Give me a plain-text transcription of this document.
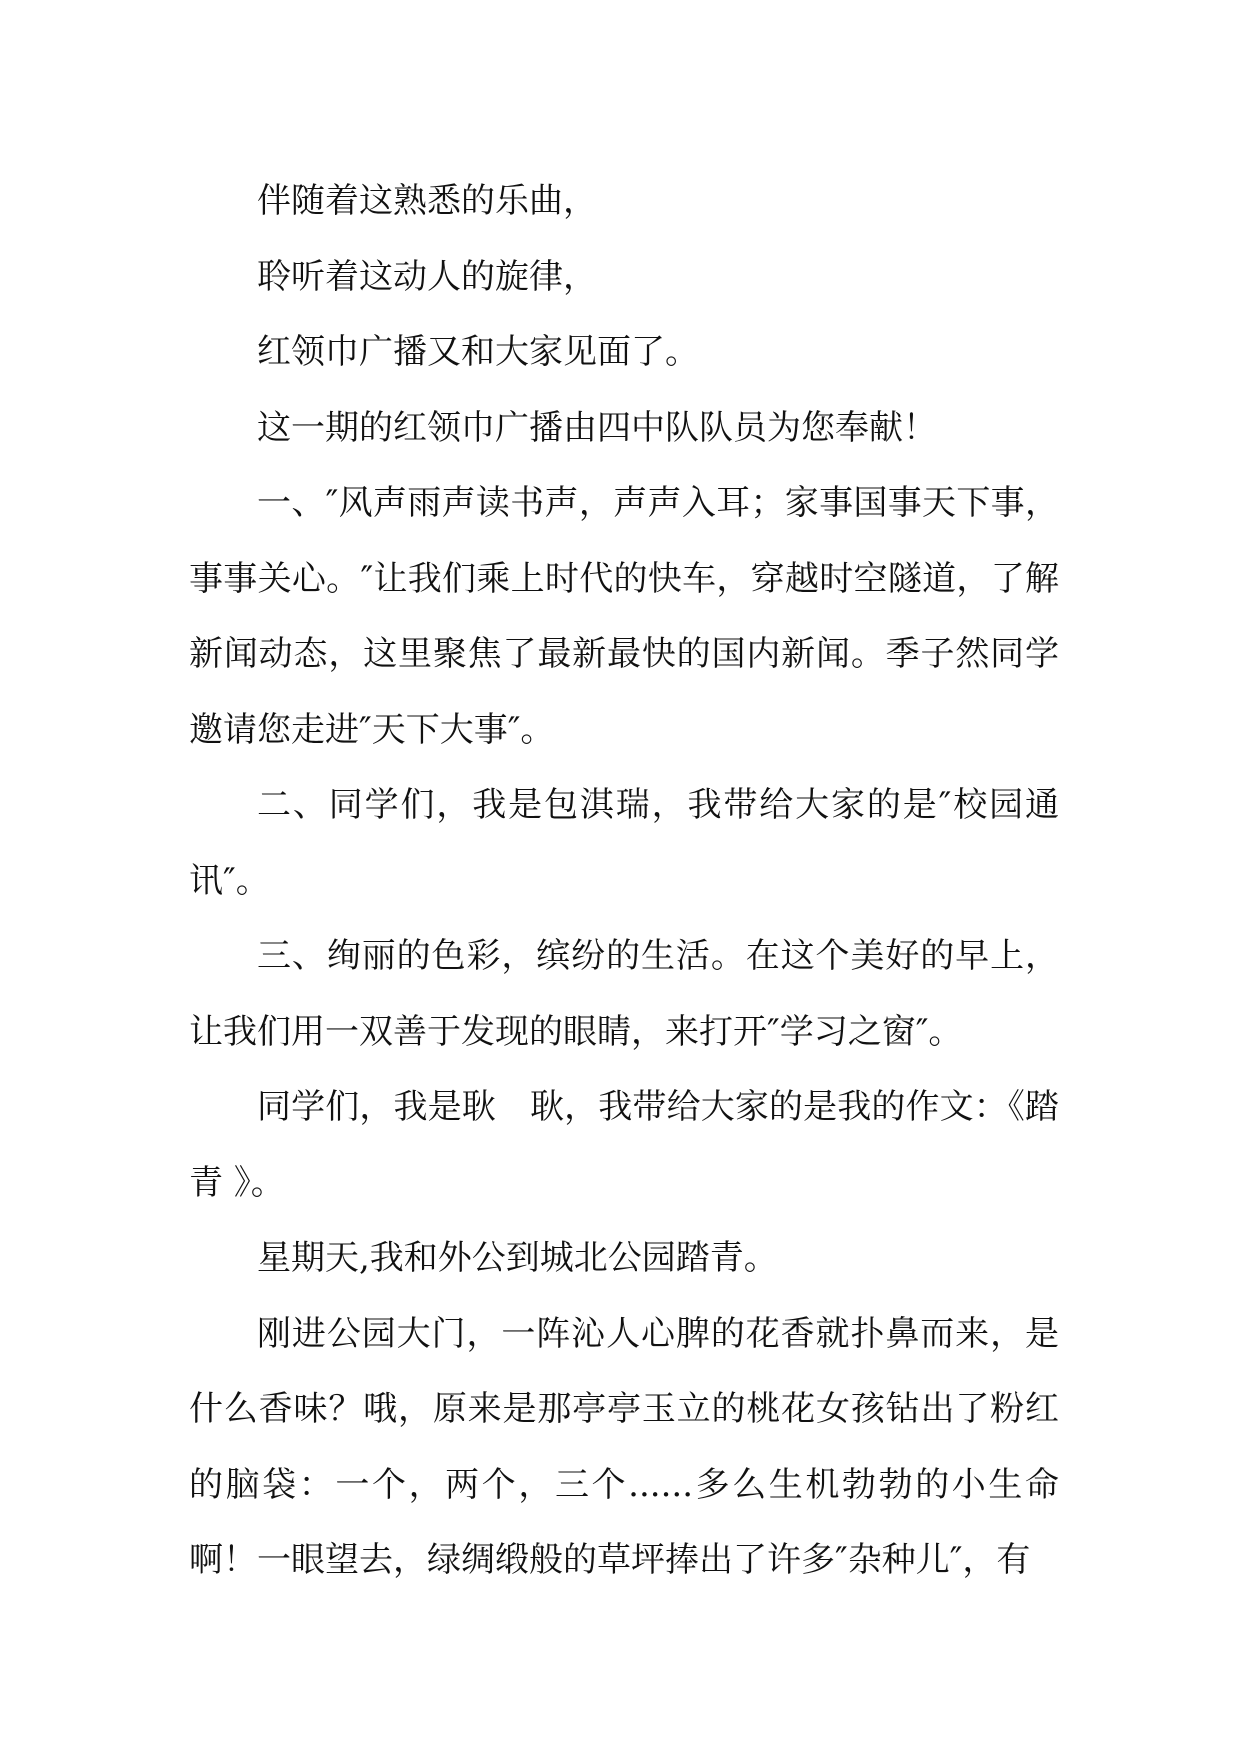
伴随着这熟悉的乐曲，

聆听着这动人的旋律，

红领巾广播又和大家见面了。

这一期的红领巾广播由四中队队员为您奉献！

一、″风声雨声读书声，声声入耳；家事国事天下事，事事关心。″让我们乘上时代的快车，穿越时空隧道，了解新闻动态，这里聚焦了最新最快的国内新闻。季子然同学邀请您走进″天下大事″。

二、同学们，我是包淇瑞，我带给大家的是″校园通讯″。

三、绚丽的色彩，缤纷的生活。在这个美好的早上，让我们用一双善于发现的眼睛，来打开″学习之窗″。

同学们，我是耿　耿，我带给大家的是我的作文：《踏青 》。

星期天,我和外公到城北公园踏青。

刚进公园大门，一阵沁人心脾的花香就扑鼻而来，是什么香味？哦，原来是那亭亭玉立的桃花女孩钻出了粉红的脑袋：一个，两个，三个......多么生机勃勃的小生命啊！一眼望去，绿绸缎般的草坪捧出了许多″杂种儿″，有
